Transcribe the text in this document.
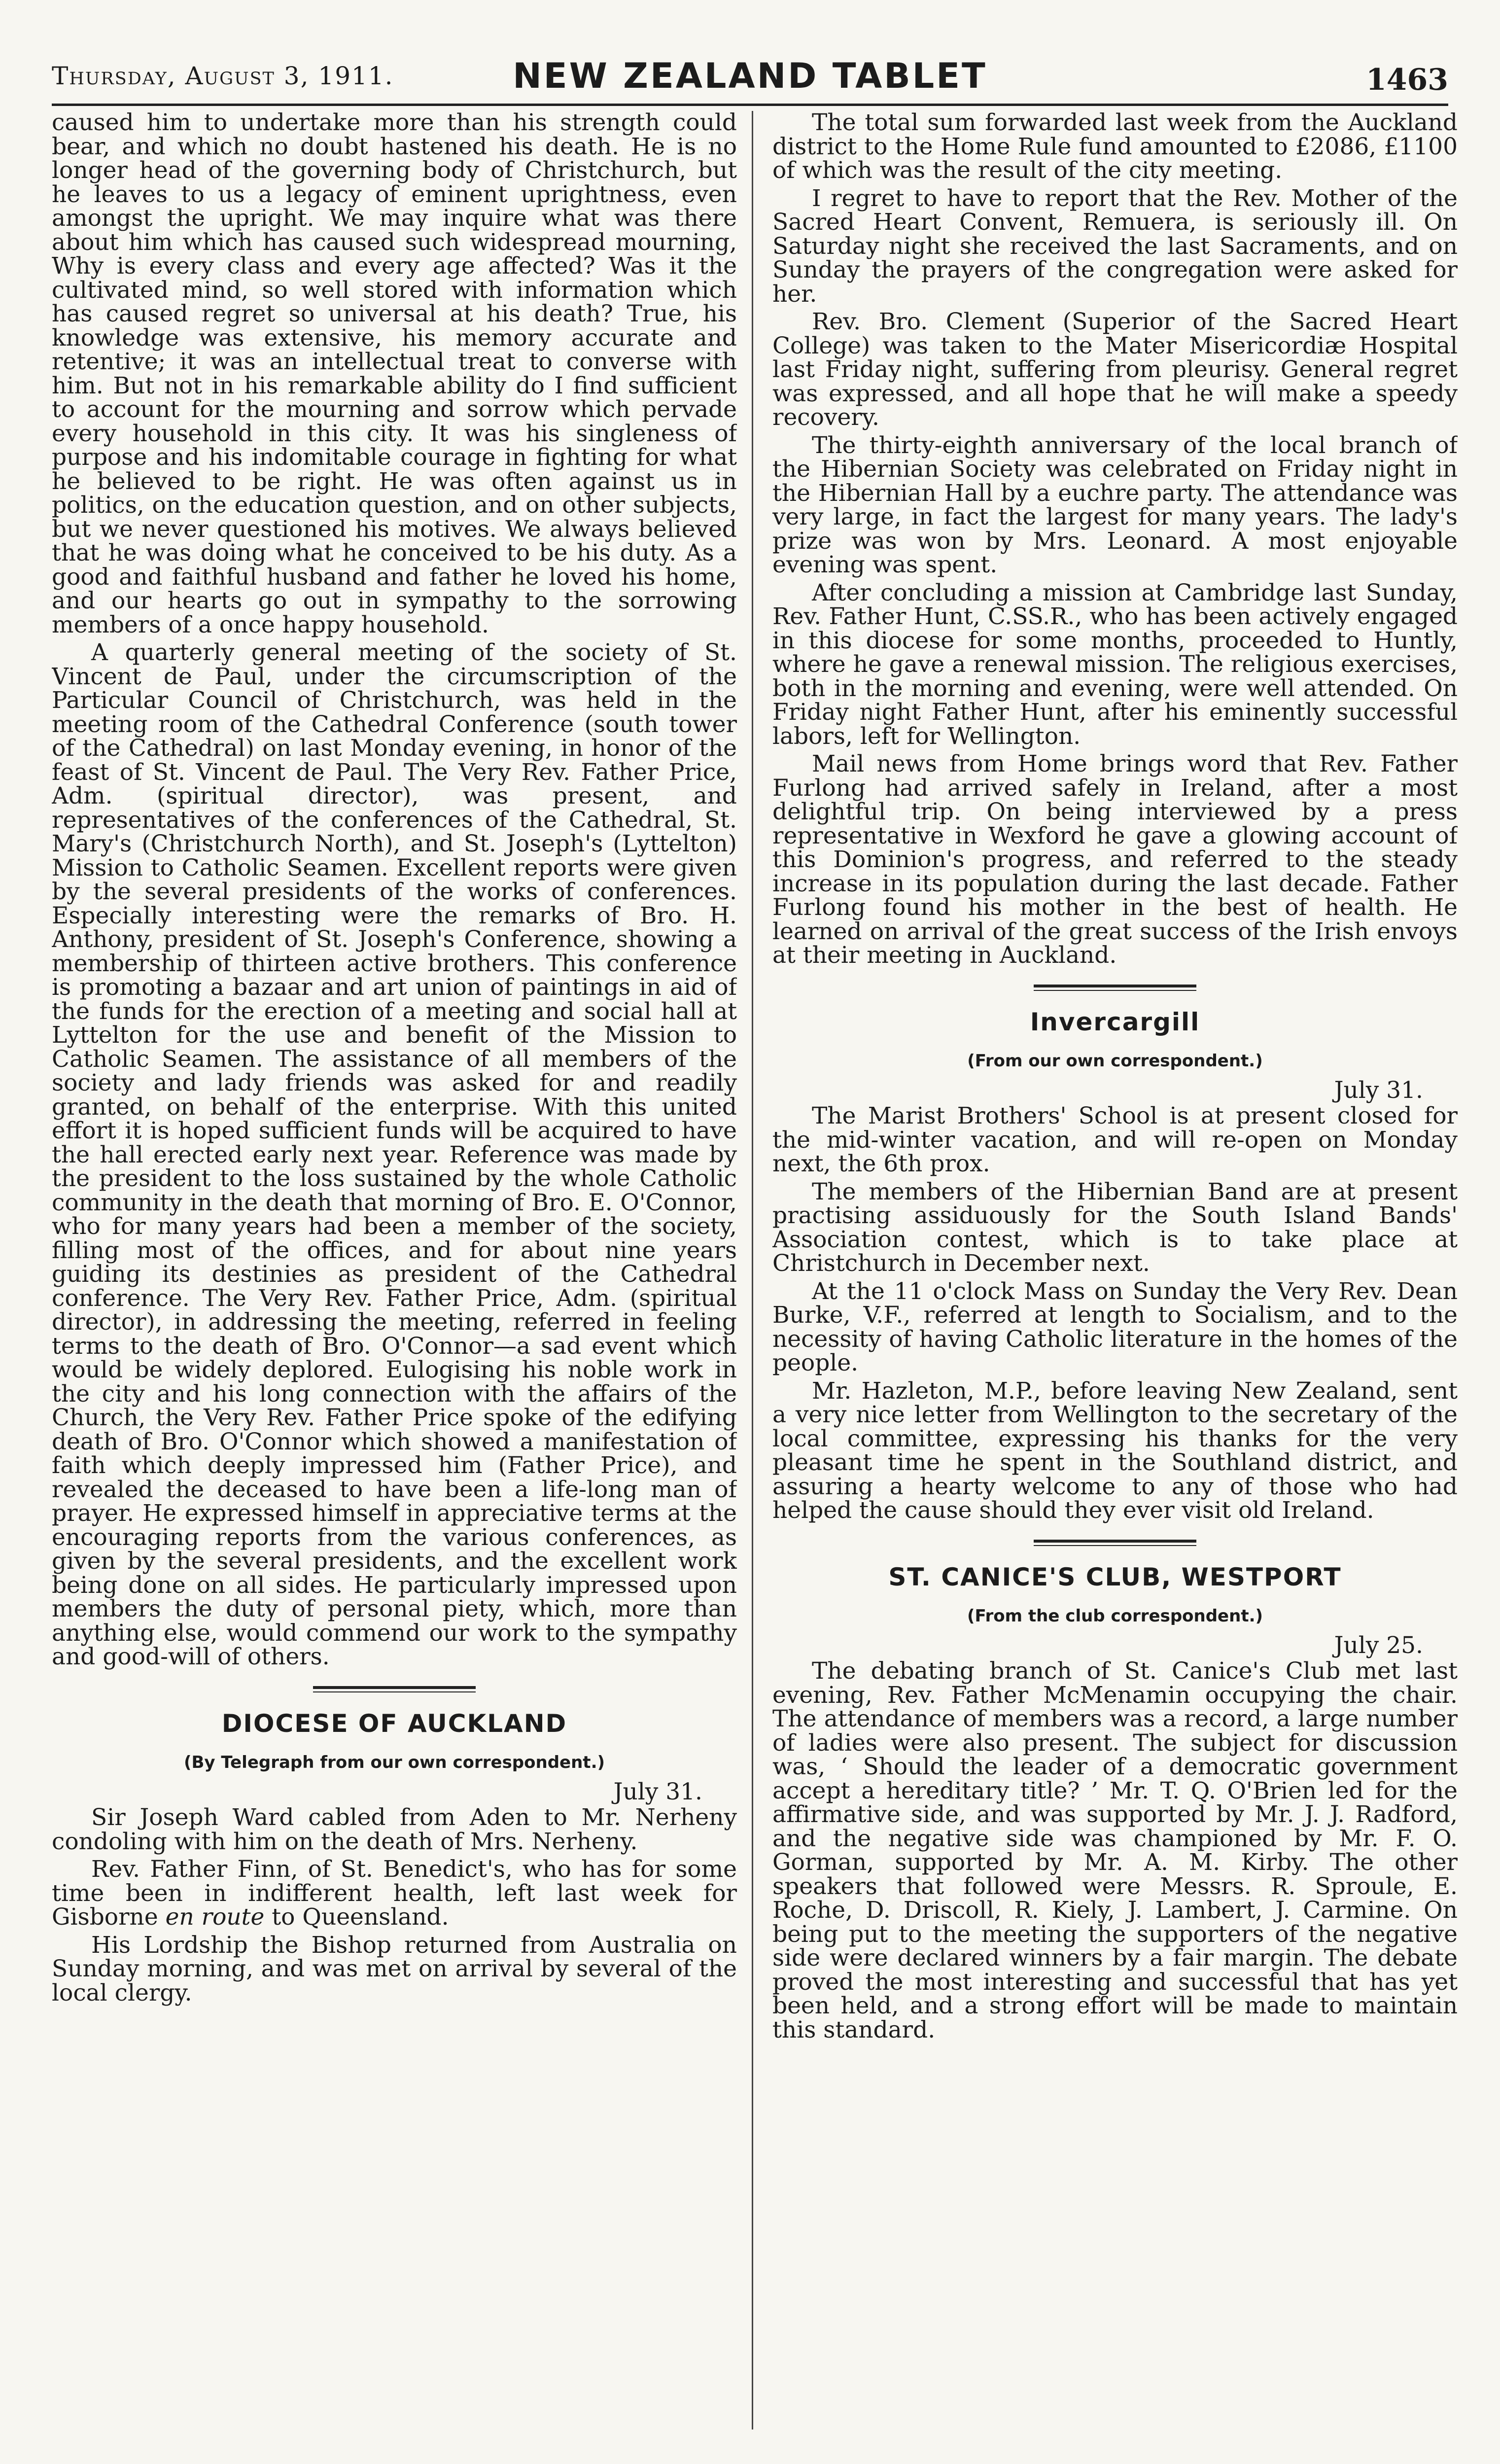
Thursday, August 3, 1911.	NEW ZEALAND TABLET	1463

caused him to undertake more than his strength could bear, and which no doubt hastened his death. He is no longer head of the governing body of Christchurch, but he leaves to us a legacy of eminent uprightness, even amongst the upright. We may inquire what was there about him which has caused such widespread mourning, Why is every class and every age affected? Was it the cultivated mind, so well stored with information which has caused regret so universal at his death? True, his knowledge was extensive, his memory accurate and retentive; it was an intellectual treat to converse with him. But not in his remarkable ability do I find sufficient to account for the mourning and sorrow which pervade every household in this city. It was his singleness of purpose and his indomitable courage in fighting for what he believed to be right. He was often against us in politics, on the education question, and on other subjects, but we never questioned his motives. We always believed that he was doing what he conceived to be his duty. As a good and faithful husband and father he loved his home, and our hearts go out in sympathy to the sorrowing members of a once happy household.

A quarterly general meeting of the society of St. Vincent de Paul, under the circumscription of the Particular Council of Christchurch, was held in the meeting room of the Cathedral Conference (south tower of the Cathedral) on last Monday evening, in honor of the feast of St. Vincent de Paul. The Very Rev. Father Price, Adm. (spiritual director), was present, and representatives of the conferences of the Cathedral, St. Mary's (Christchurch North), and St. Joseph's (Lyttelton) Mission to Catholic Seamen. Excellent reports were given by the several presidents of the works of conferences. Especially interesting were the remarks of Bro. H. Anthony, president of St. Joseph's Conference, showing a membership of thirteen active brothers. This conference is promoting a bazaar and art union of paintings in aid of the funds for the erection of a meeting and social hall at Lyttelton for the use and benefit of the Mission to Catholic Seamen. The assistance of all members of the society and lady friends was asked for and readily granted, on behalf of the enterprise. With this united effort it is hoped sufficient funds will be acquired to have the hall erected early next year. Reference was made by the president to the loss sustained by the whole Catholic community in the death that morning of Bro. E. O'Connor, who for many years had been a member of the society, filling most of the offices, and for about nine years guiding its destinies as president of the Cathedral conference. The Very Rev. Father Price, Adm. (spiritual director), in addressing the meeting, referred in feeling terms to the death of Bro. O'Connor—a sad event which would be widely deplored. Eulogising his noble work in the city and his long connection with the affairs of the Church, the Very Rev. Father Price spoke of the edifying death of Bro. O'Connor which showed a manifestation of faith which deeply impressed him (Father Price), and revealed the deceased to have been a life-long man of prayer. He expressed himself in appreciative terms at the encouraging reports from the various conferences, as given by the several presidents, and the excellent work being done on all sides. He particularly impressed upon members the duty of personal piety, which, more than anything else, would commend our work to the sympathy and good-will of others.

DIOCESE OF AUCKLAND
(By Telegraph from our own correspondent.)
July 31.

Sir Joseph Ward cabled from Aden to Mr. Nerheny condoling with him on the death of Mrs. Nerheny.

Rev. Father Finn, of St. Benedict's, who has for some time been in indifferent health, left last week for Gisborne en route to Queensland.

His Lordship the Bishop returned from Australia on Sunday morning, and was met on arrival by several of the local clergy.

The total sum forwarded last week from the Auckland district to the Home Rule fund amounted to £2086, £1100 of which was the result of the city meeting.

I regret to have to report that the Rev. Mother of the Sacred Heart Convent, Remuera, is seriously ill. On Saturday night she received the last Sacraments, and on Sunday the prayers of the congregation were asked for her.

Rev. Bro. Clement (Superior of the Sacred Heart College) was taken to the Mater Misericordiæ Hospital last Friday night, suffering from pleurisy. General regret was expressed, and all hope that he will make a speedy recovery.

The thirty-eighth anniversary of the local branch of the Hibernian Society was celebrated on Friday night in the Hibernian Hall by a euchre party. The attendance was very large, in fact the largest for many years. The lady's prize was won by Mrs. Leonard. A most enjoyable evening was spent.

After concluding a mission at Cambridge last Sunday, Rev. Father Hunt, C.SS.R., who has been actively engaged in this diocese for some months, proceeded to Huntly, where he gave a renewal mission. The religious exercises, both in the morning and evening, were well attended. On Friday night Father Hunt, after his eminently successful labors, left for Wellington.

Mail news from Home brings word that Rev. Father Furlong had arrived safely in Ireland, after a most delightful trip. On being interviewed by a press representative in Wexford he gave a glowing account of this Dominion's progress, and referred to the steady increase in its population during the last decade. Father Furlong found his mother in the best of health. He learned on arrival of the great success of the Irish envoys at their meeting in Auckland.

Invercargill
(From our own correspondent.)
July 31.

The Marist Brothers' School is at present closed for the mid-winter vacation, and will re-open on Monday next, the 6th prox.

The members of the Hibernian Band are at present practising assiduously for the South Island Bands' Association contest, which is to take place at Christchurch in December next.

At the 11 o'clock Mass on Sunday the Very Rev. Dean Burke, V.F., referred at length to Socialism, and to the necessity of having Catholic literature in the homes of the people.

Mr. Hazleton, M.P., before leaving New Zealand, sent a very nice letter from Wellington to the secretary of the local committee, expressing his thanks for the very pleasant time he spent in the Southland district, and assuring a hearty welcome to any of those who had helped the cause should they ever visit old Ireland.

ST. CANICE'S CLUB, WESTPORT
(From the club correspondent.)
July 25.

The debating branch of St. Canice's Club met last evening, Rev. Father McMenamin occupying the chair. The attendance of members was a record, a large number of ladies were also present. The subject for discussion was, ‘ Should the leader of a democratic government accept a hereditary title? ’ Mr. T. Q. O'Brien led for the affirmative side, and was supported by Mr. J. J. Radford, and the negative side was championed by Mr. F. O. Gorman, supported by Mr. A. M. Kirby. The other speakers that followed were Messrs. R. Sproule, E. Roche, D. Driscoll, R. Kiely, J. Lambert, J. Carmine. On being put to the meeting the supporters of the negative side were declared winners by a fair margin. The debate proved the most interesting and successful that has yet been held, and a strong effort will be made to maintain this standard.
